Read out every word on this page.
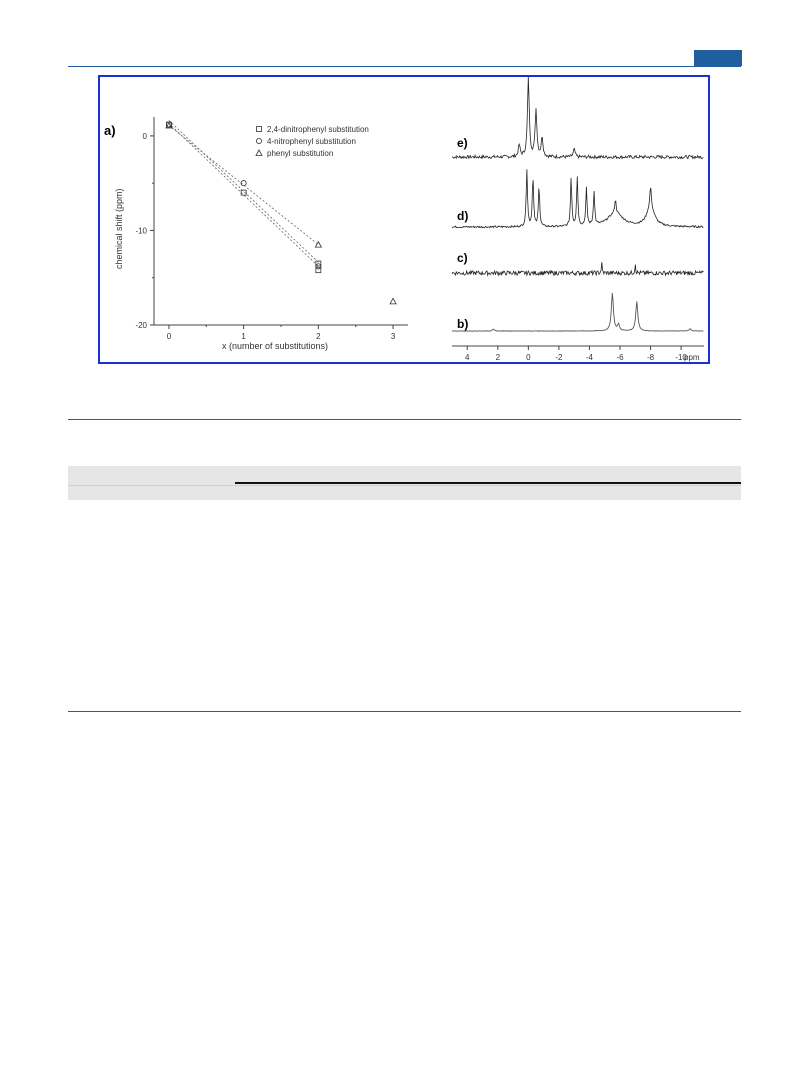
a)
0	1	2	3
0
-10
-20
chemical shift (ppm)
x (number of substitutions)
2,4-dinitrophenyl substitution
4-nitrophenyl substitution
phenyl substitution
e)
d)
c)
b)
4	2	0	-2	-4	-6	-8	-10
ppm
